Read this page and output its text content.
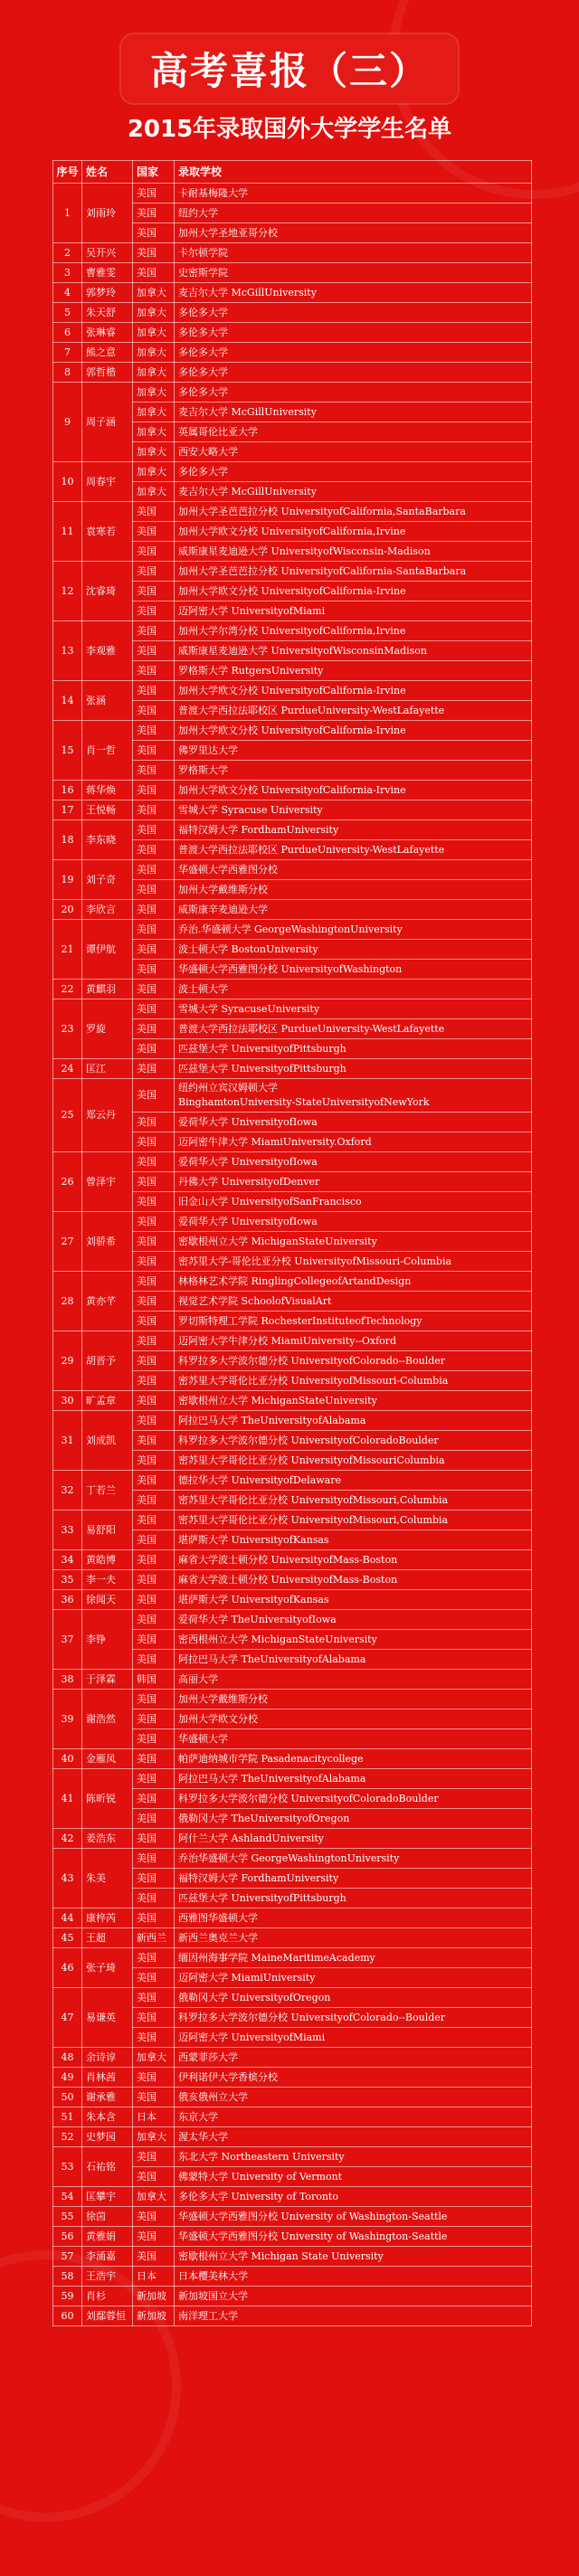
高考喜报（三）
2015年录取国外大学学生名单
序号	姓名	国家	录取学校
1	刘雨玲	美国	卡耐基梅隆大学
		美国	纽约大学
		美国	加州大学圣地亚哥分校
2	吴开兴	美国	卡尔顿学院
3	曹雅雯	美国	史密斯学院
4	郭梦玲	加拿大	麦吉尔大学 McGillUniversity
5	朱天舒	加拿大	多伦多大学
6	张琳睿	加拿大	多伦多大学
7	熊之意	加拿大	多伦多大学
8	郭哲楷	加拿大	多伦多大学
9	周子涵	加拿大	多伦多大学
		加拿大	麦吉尔大学 McGillUniversity
		加拿大	英属哥伦比亚大学
		加拿大	西安大略大学
10	周春宇	加拿大	多伦多大学
		加拿大	麦吉尔大学 McGillUniversity
11	袁寒若	美国	加州大学圣芭芭拉分校 UniversityofCalifornia,SantaBarbara
		美国	加州大学欧文分校 UniversityofCalifornia,Irvine
		美国	威斯康星麦迪逊大学 UniversityofWisconsin-Madison
12	沈睿琦	美国	加州大学圣芭芭拉分校 UniversityofCalifornia-SantaBarbara
		美国	加州大学欧文分校 UniversityofCalifornia-Irvine
		美国	迈阿密大学 UniversityofMiami
13	李观雅	美国	加州大学尔湾分校 UniversityofCalifornia,Irvine
		美国	威斯康星麦迪逊大学 UniversityofWisconsinMadison
		美国	罗格斯大学 RutgersUniversity
14	张涵	美国	加州大学欧文分校 UniversityofCalifornia-Irvine
		美国	普渡大学西拉法耶校区 PurdueUniversity-WestLafayette
15	肖一哲	美国	加州大学欧文分校 UniversityofCalifornia-Irvine
		美国	佛罗里达大学
		美国	罗格斯大学
16	蒋华焕	美国	加州大学欧文分校 UniversityofCalifornia-Irvine
17	王悦畅	美国	雪城大学 Syracuse University
18	李东晓	美国	福特汉姆大学 FordhamUniversity
		美国	普渡大学西拉法耶校区 PurdueUniversity-WestLafayette
19	刘子奇	美国	华盛顿大学西雅图分校
		美国	加州大学戴维斯分校
20	李欣言	美国	威斯康辛麦迪逊大学
21	谭伊航	美国	乔治.华盛顿大学 GeorgeWashingtonUniversity
		美国	波士顿大学 BostonUniversity
		美国	华盛顿大学西雅图分校 UniversityofWashington
22	黄麒羽	美国	波士顿大学
23	罗旋	美国	雪城大学 SyracuseUniversity
		美国	普渡大学西拉法耶校区 PurdueUniversity-WestLafayette
		美国	匹兹堡大学 UniversityofPittsburgh
24	匡江	美国	匹兹堡大学 UniversityofPittsburgh
25	郑云丹	美国	纽约州立宾汉姆顿大学
BinghamtonUniversity-StateUniversityofNewYork
		美国	爱荷华大学 UniversityofIowa
		美国	迈阿密牛津大学 MiamiUniversity.Oxford
26	曾泽宇	美国	爱荷华大学 UniversityofIowa
		美国	丹佛大学 UniversityofDenver
		美国	旧金山大学 UniversityofSanFrancisco
27	刘骄希	美国	爱荷华大学 UniversityofIowa
		美国	密歇根州立大学 MichiganStateUniversity
		美国	密苏里大学-哥伦比亚分校 UniversityofMissouri-Columbia
28	黄亦芊	美国	林格林艺术学院 RinglingCollegeofArtandDesign
		美国	视觉艺术学院 SchoolofVisualArt
		美国	罗切斯特理工学院 RochesterInstituteofTechnology
29	胡晋予	美国	迈阿密大学牛津分校 MiamiUniversity--Oxford
		美国	科罗拉多大学波尔德分校 UniversityofColorado--Boulder
		美国	密苏里大学哥伦比亚分校 UniversityofMissouri-Columbia
30	旷孟章	美国	密歇根州立大学 MichiganStateUniversity
31	刘成凯	美国	阿拉巴马大学 TheUniversityofAlabama
		美国	科罗拉多大学波尔德分校 UniversityofColoradoBoulder
		美国	密苏里大学哥伦比亚分校 UniversityofMissouriColumbia
32	丁若兰	美国	德拉华大学 UniversityofDelaware
		美国	密苏里大学哥伦比亚分校 UniversityofMissouri,Columbia
33	易舒阳	美国	密苏里大学哥伦比亚分校 UniversityofMissouri,Columbia
		美国	堪萨斯大学 UniversityofKansas
34	黄皓博	美国	麻省大学波士顿分校 UniversityofMass-Boston
35	李一夫	美国	麻省大学波士顿分校 UniversityofMass-Boston
36	徐闻天	美国	堪萨斯大学 UniversityofKansas
37	李铮	美国	爱荷华大学 TheUniversityofIowa
		美国	密西根州立大学 MichiganStateUniversity
		美国	阿拉巴马大学 TheUniversityofAlabama
38	于泽霖	韩国	高丽大学
39	谢浩然	美国	加州大学戴维斯分校
		美国	加州大学欧文分校
		美国	华盛顿大学
40	金雁凤	美国	帕萨迪纳城市学院 Pasadenacitycollege
41	陈昕锐	美国	阿拉巴马大学 TheUniversityofAlabama
		美国	科罗拉多大学波尔德分校 UniversityofColoradoBoulder
		美国	俄勒冈大学 TheUniversityofOregon
42	姜浩东	美国	阿什兰大学 AshlandUniversity
43	朱美	美国	乔治华盛顿大学 GeorgeWashingtonUniversity
		美国	福特汉姆大学 FordhamUniversity
		美国	匹兹堡大学 UniversityofPittsburgh
44	康梓芮	美国	西雅图华盛顿大学
45	王超	新西兰	新西兰奥克兰大学
46	张子琦	美国	缅因州海事学院 MaineMaritimeAcademy
		美国	迈阿密大学 MiamiUniversity
47	易谦英	美国	俄勒冈大学 UniversityofOregon
		美国	科罗拉多大学波尔德分校 UniversityofColorado--Boulder
		美国	迈阿密大学 UniversityofMiami
48	余诗谆	加拿大	西蒙菲莎大学
49	肖林茜	美国	伊利诺伊大学香槟分校
50	谢承雅	美国	俄亥俄州立大学
51	朱本含	日本	东京大学
52	史梦园	加拿大	渥太华大学
53	石祐铭	美国	东北大学 Northeastern University
		美国	佛蒙特大学 University of Vermont
54	匡攀宇	加拿大	多伦多大学 University of Toronto
55	徐茵	美国	华盛顿大学西雅图分校 University of Washington-Seattle
56	黄雅娟	美国	华盛顿大学西雅图分校 University of Washington-Seattle
57	李涌嘉	美国	密歇根州立大学 Michigan State University
58	王浩宇	日本	日本樱美林大学
59	肖杉	新加坡	新加坡国立大学
60	刘鄢蓉恒	新加坡	南洋理工大学
